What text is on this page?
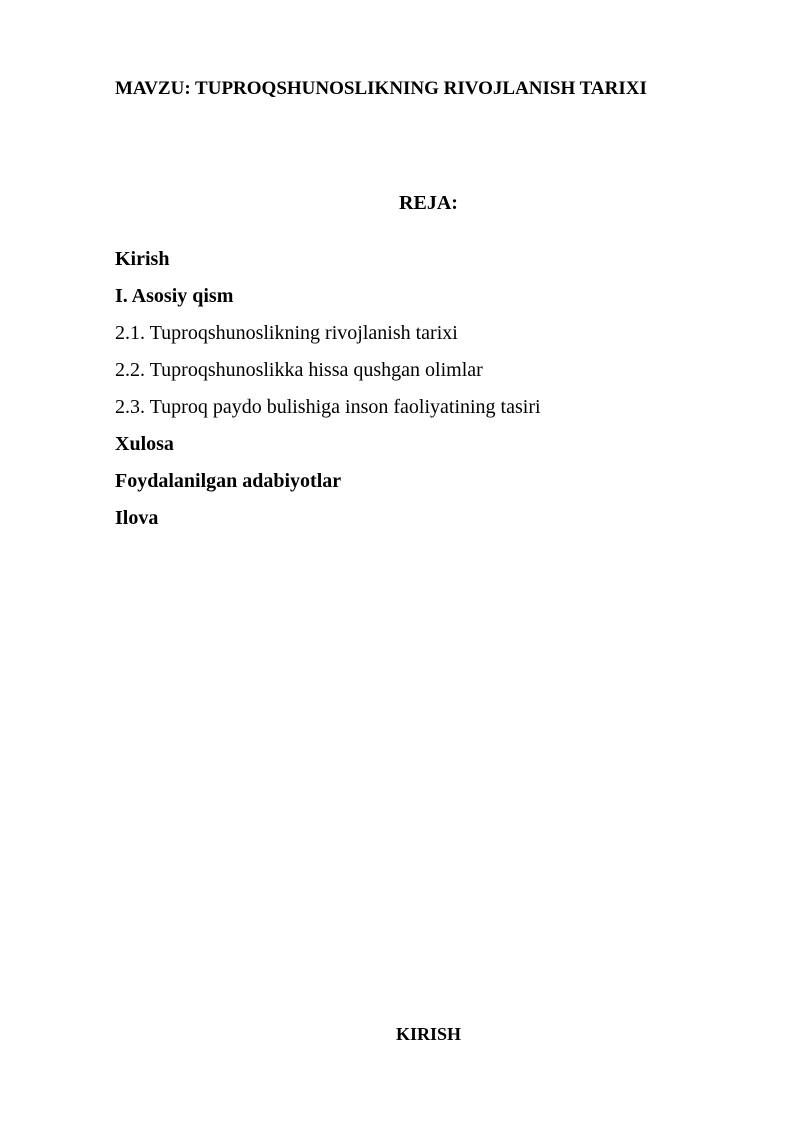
MAVZU: TUPROQSHUNOSLIKNING RIVOJLANISH TARIXI
REJA:
Kirish
I. Asosiy qism
2.1. Tuproqshunoslikning rivojlanish tarixi
2.2. Tuproqshunoslikka hissa qushgan olimlar
2.3. Tuproq paydo bulishiga inson faoliyatining tasiri
Xulosa
Foydalanilgan adabiyotlar
Ilova
KIRISH
